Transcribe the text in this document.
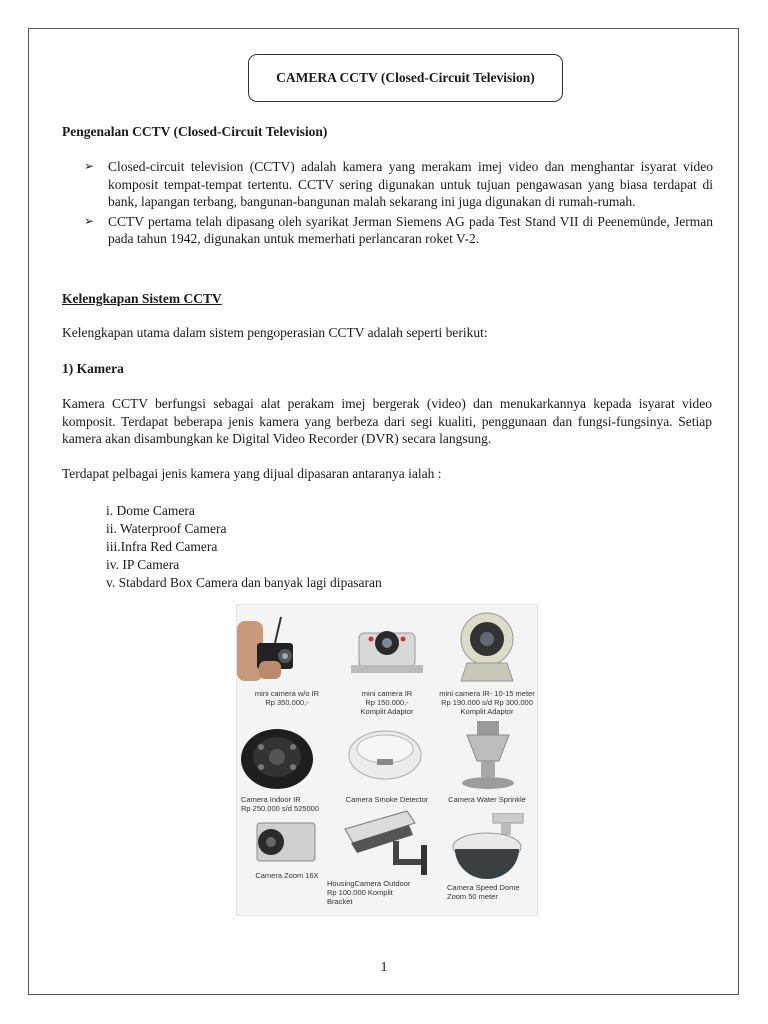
CAMERA CCTV (Closed-Circuit Television)
Pengenalan CCTV (Closed-Circuit Television)
➢ Closed-circuit television (CCTV) adalah kamera yang merakam imej video dan menghantar isyarat video komposit tempat-tempat tertentu. CCTV sering digunakan untuk tujuan pengawasan yang biasa terdapat di bank, lapangan terbang, bangunan-bangunan malah sekarang ini juga digunakan di rumah-rumah.
➢ CCTV pertama telah dipasang oleh syarikat Jerman Siemens AG pada Test Stand VII di Peenemünde, Jerman pada tahun 1942, digunakan untuk memerhati perlancaran roket V-2.
Kelengkapan Sistem CCTV
Kelengkapan utama dalam sistem pengoperasian CCTV adalah seperti berikut:
1) Kamera
Kamera CCTV berfungsi sebagai alat perakam imej bergerak (video) dan menukarkannya kepada isyarat video komposit. Terdapat beberapa jenis kamera yang berbeza dari segi kualiti, penggunaan dan fungsi-fungsinya. Setiap kamera akan disambungkan ke Digital Video Recorder (DVR) secara langsung.
Terdapat pelbagai jenis kamera yang dijual dipasaran antaranya ialah :
i. Dome Camera
ii. Waterproof Camera
iii.Infra Red Camera
iv. IP Camera
v. Stabdard Box Camera dan banyak lagi dipasaran
mini camera w/o IR
Rp 350.000,-
mini camera IR
Rp 150.000,-
Komplit Adaptor
mini camera IR- 10-15 meter
Rp 190.000 s/d Rp 300.000
Komplit Adaptor
Camera Indoor IR
Rp 250.000 s/d 525000
Camera Smoke Detector	Camera Water Sprinkle
Camera Zoom 16X
HousingCamera Outdoor
Rp 100.000 Komplit
Bracket
Camera Speed Dome
Zoom 50 meter
1
